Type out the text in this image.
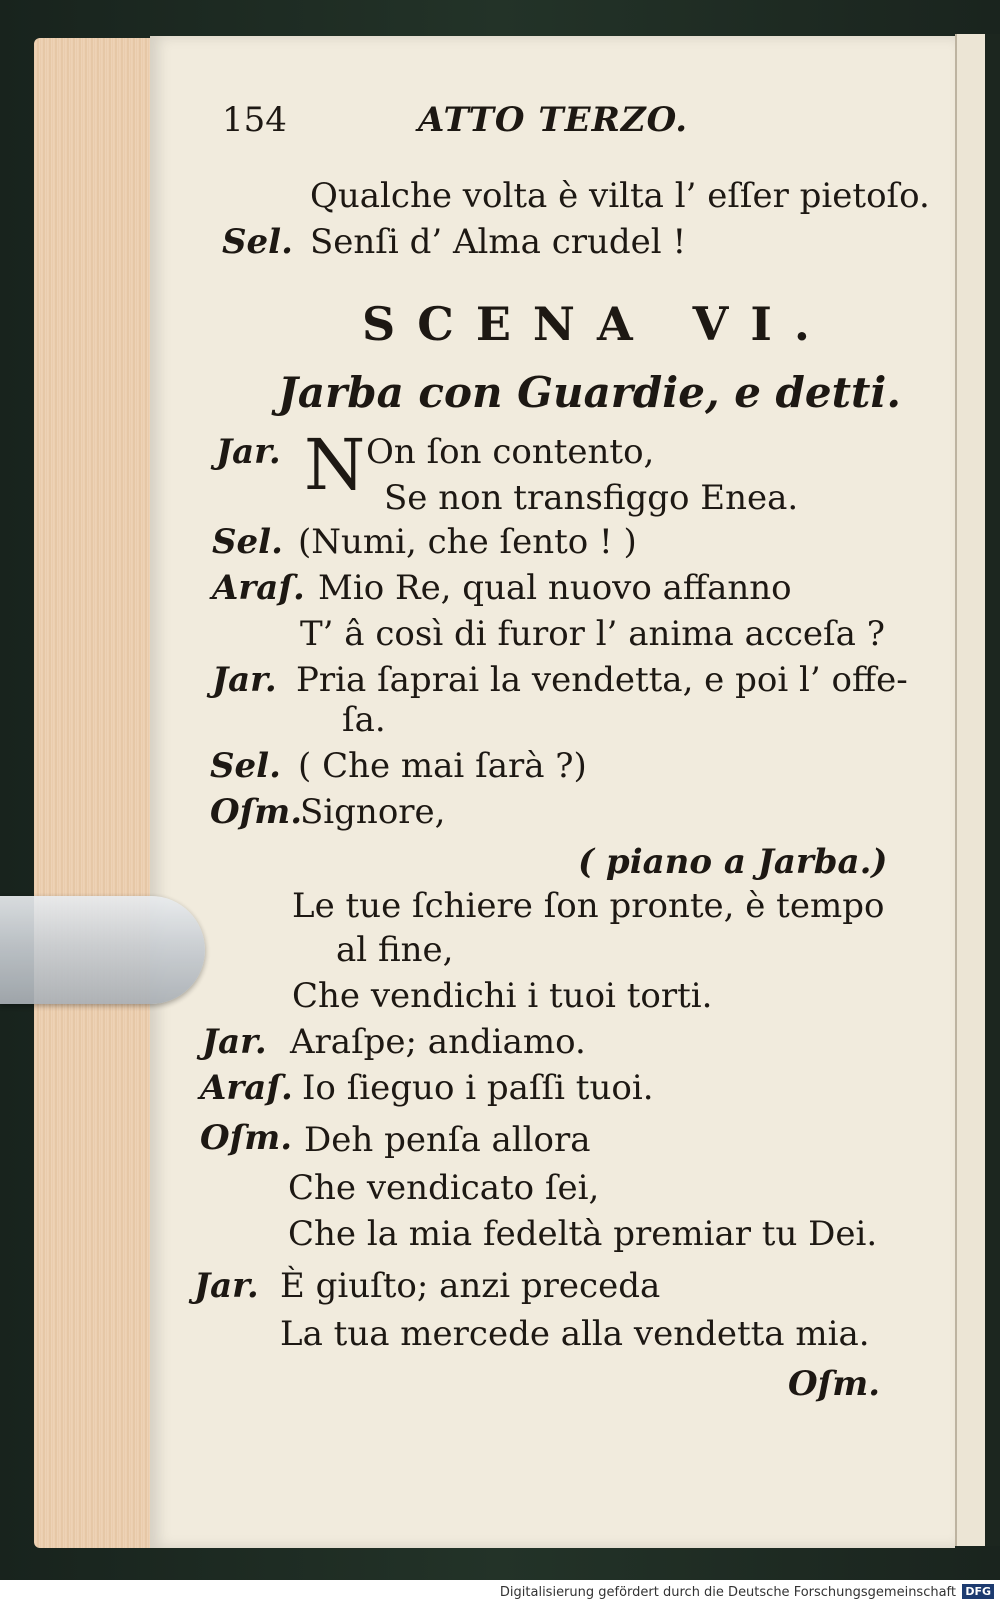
154	ATTO TERZO.
Qualche volta è vilta l’ eſſer pietoſo.
Sel. Senſi d’ Alma crudel !
SCENA VI.
Jarba con Guardie, e detti.
Jar. N On ſon contento,
Se non transfiggo Enea.
Sel. (Numi, che ſento ! )
Araſ. Mio Re, qual nuovo affanno
T’ â così di furor l’ anima acceſa ?
Jar. Pria ſaprai la vendetta, e poi l’ offe-
ſa.
Sel. ( Che mai ſarà ?)
Oſm.
Signore,
( piano a Jarba.)
Le tue ſchiere ſon pronte, è tempo
al fine,
Che vendichi i tuoi torti.
Jar. Araſpe; andiamo.
Araſ. Io ſieguo i paſſi tuoi.
Oſm. Deh penſa allora
Che vendicato ſei,
Che la mia fedeltà premiar tu Dei.
Jar. È giuſto; anzi preceda
La tua mercede alla vendetta mia.
Oſm.
Digitalisierung gefördert durch die Deutsche Forschungsgemeinschaft DFG
